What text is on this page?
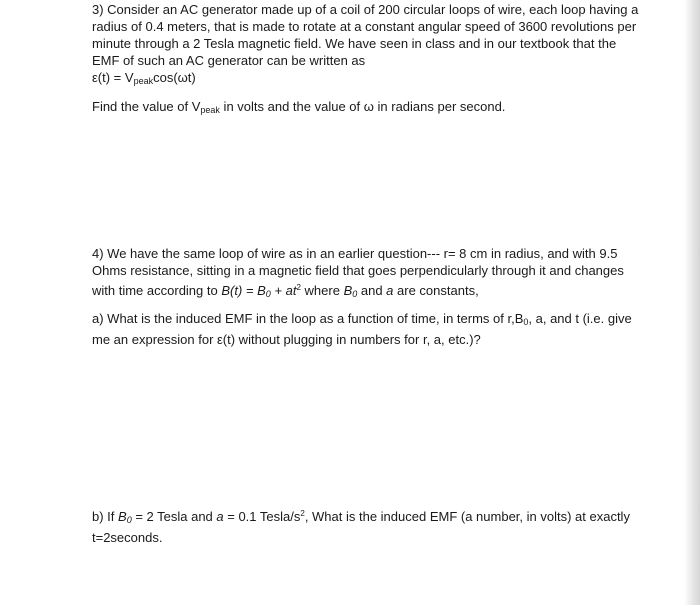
3) Consider an AC generator made up of a coil of 200 circular loops of wire, each loop having a
radius of 0.4 meters, that is made to rotate at a constant angular speed of 3600 revolutions per
minute through a 2 Tesla magnetic field. We have seen in class and in our textbook that the
EMF of such an AC generator can be written as
$\varepsilon(t) = V_{peak}\cos(\omega t)$
Find the value of $V_{peak}$ in volts and the value of ω in radians per second.
4) We have the same loop of wire as in an earlier question--- r= 8 cm in radius, and with 9.5
Ohms resistance, sitting in a magnetic field that goes perpendicularly through it and changes
with time according to $B(t) = B_0 + at^2$ where $B_0$ and a are constants,
a) What is the induced EMF in the loop as a function of time, in terms of $r,B_0$, a, and t (i.e. give
me an expression for ε(t) without plugging in numbers for r, a, etc.)?
b) If $B_0 = 2$ Tesla and a = 0.1 Tesla/$s^2$, What is the induced EMF (a number, in volts) at exactly
t=2seconds.
